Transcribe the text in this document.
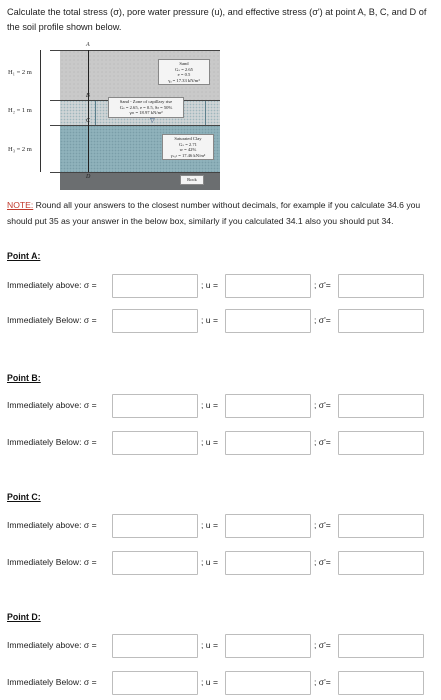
Calculate the total stress (σ), pore water pressure (u), and effective stress (σ') at point A, B, C, and D of the soil profile shown below.
H₁ = 2 m
H₂ = 1 m
H₃ = 2 m
▽
A
B
C
D
Sand
Gₛ = 2.65
e = 0.5
γₐ = 17.33 kN/m³
Sand - Zone of capillary rise
Gₛ = 2.65, e = 0.5, Sr = 50%
γₘ = 18.97 kN/m³
Saturated Clay
Gₛ = 2.71
w = 42%
γₛₐₜ = 17.46 kN/m³
Rock
NOTE: Round all your answers to the closest number without decimals, for example if you calculate 34.6 you should put 35 as your answer in the below box, similarly if you calculated 34.1 also you should put 34.
Point A:
Immediately above: σ =	; u =	; σ'=
Immediately Below: σ =	; u =	; σ'=
Point B:
Immediately above: σ =	; u =	; σ'=
Immediately Below: σ =	; u =	; σ'=
Point C:
Immediately above: σ =	; u =	; σ'=
Immediately Below: σ =	; u =	; σ'=
Point D:
Immediately above: σ =	; u =	; σ'=
Immediately Below: σ =	; u =	; σ'=
